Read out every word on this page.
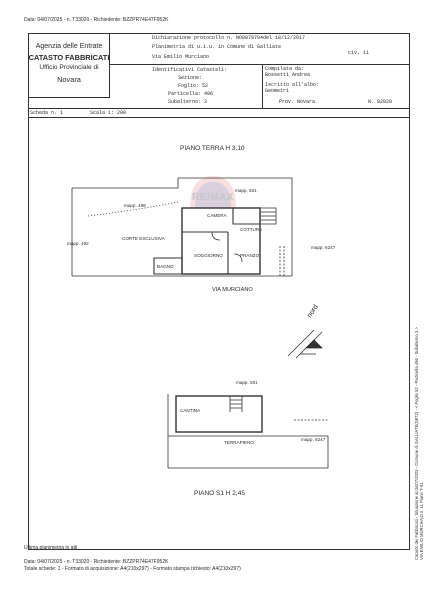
Data: 04/07/2025 - n. T33020 - Richiedente: BZZPR74E47F952K
Agenzia delle Entrate
CATASTO FABBRICATI
Ufficio Provinciale di
Novara
Dichiarazione protocollo n. NO0079704del 18/12/2017
Planimetria di u.i.u. in Comune di Galliate
Via Emilio Murciano
civ. 11
Identificativi Catastali:
Sezione:
Foglio: 52
Particella: 496
Subalterno: 3
Compilata da:
Bossetti Andrea
Iscritto all'albo:
Geometri
Prov. Novara	N. 02020
Scheda n. 1	Scala 1: 200
RE/MAX
PIANO TERRA H 3,10
CAMERA
COTTURA
CORTE ESCLUSIVA
SOGGIORNO	PRANZO
BAGNO
mapp. 501
mapp. 488
mapp. 492
mapp. 6247
VIA MURCIANO
nord
CANTINA
TERRAPIENO
mapp. 501
mapp. 6247
PIANO S1 H 2,45
Ultima planimetria in atti
Data: 04/07/2025 - n. T33020 - Richiedente: BZZPR74E47F952K
Totale schede: 1 - Formato di acquisizione: A4(210x297) - Formato stampa richiesto: A4(210x297)
Catasto dei Fabbricati - Situazione al 04/07/2025 - Comune di GALLIATE(D872) - < Foglio 52 - Particella 496 - Subalterno 3 > VIA EMILIO MURCIANO n. 11 Piano T-S1
